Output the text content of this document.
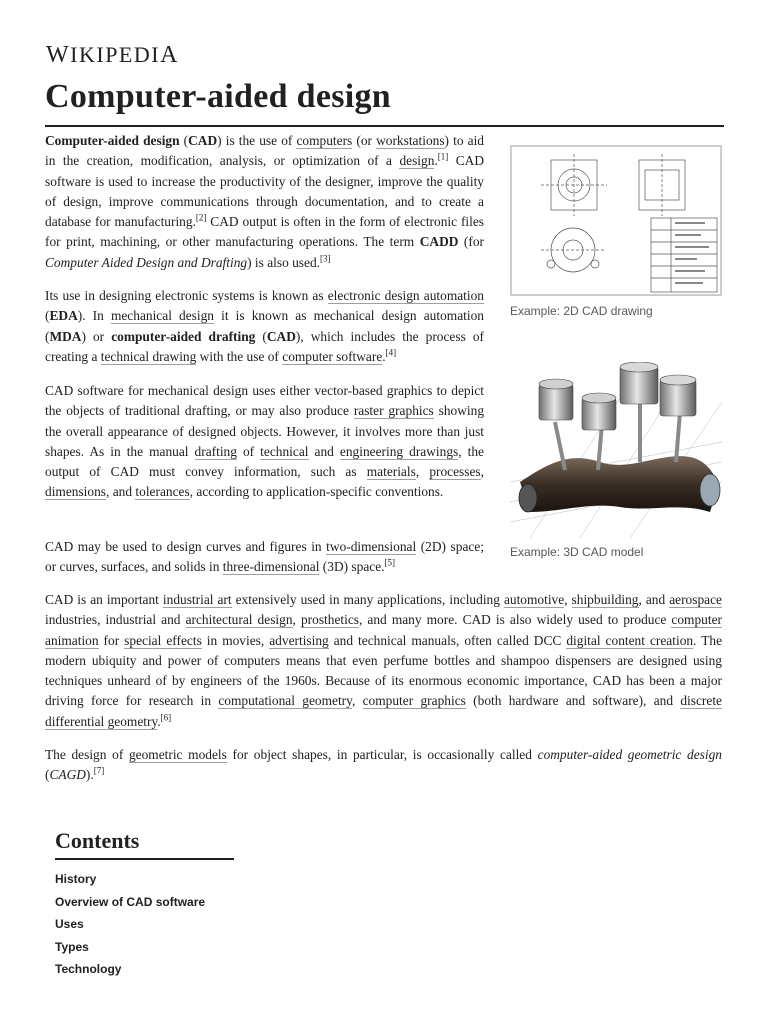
WIKIPEDIA
Computer-aided design

Computer-aided design (CAD) is the use of computers (or workstations) to aid in the creation, modification, analysis, or optimization of a design.[1] CAD software is used to increase the productivity of the designer, improve the quality of design, improve communications through documentation, and to create a database for manufacturing.[2] CAD output is often in the form of electronic files for print, machining, or other manufacturing operations. The term CADD (for Computer Aided Design and Drafting) is also used.[3]

Its use in designing electronic systems is known as electronic design automation (EDA). In mechanical design it is known as mechanical design automation (MDA) or computer-aided drafting (CAD), which includes the process of creating a technical drawing with the use of computer software.[4]

CAD software for mechanical design uses either vector-based graphics to depict the objects of traditional drafting, or may also produce raster graphics showing the overall appearance of designed objects. However, it involves more than just shapes. As in the manual drafting of technical and engineering drawings, the output of CAD must convey information, such as materials, processes, dimensions, and tolerances, according to application-specific conventions.

CAD may be used to design curves and figures in two-dimensional (2D) space; or curves, surfaces, and solids in three-dimensional (3D) space.[5]

CAD is an important industrial art extensively used in many applications, including automotive, shipbuilding, and aerospace industries, industrial and architectural design, prosthetics, and many more. CAD is also widely used to produce computer animation for special effects in movies, advertising and technical manuals, often called DCC digital content creation. The modern ubiquity and power of computers means that even perfume bottles and shampoo dispensers are designed using techniques unheard of by engineers of the 1960s. Because of its enormous economic importance, CAD has been a major driving force for research in computational geometry, computer graphics (both hardware and software), and discrete differential geometry.[6]

The design of geometric models for object shapes, in particular, is occasionally called computer-aided geometric design (CAGD).[7]

Example: 2D CAD drawing
Example: 3D CAD model
Contents
History
Overview of CAD software
Uses
Types
Technology
